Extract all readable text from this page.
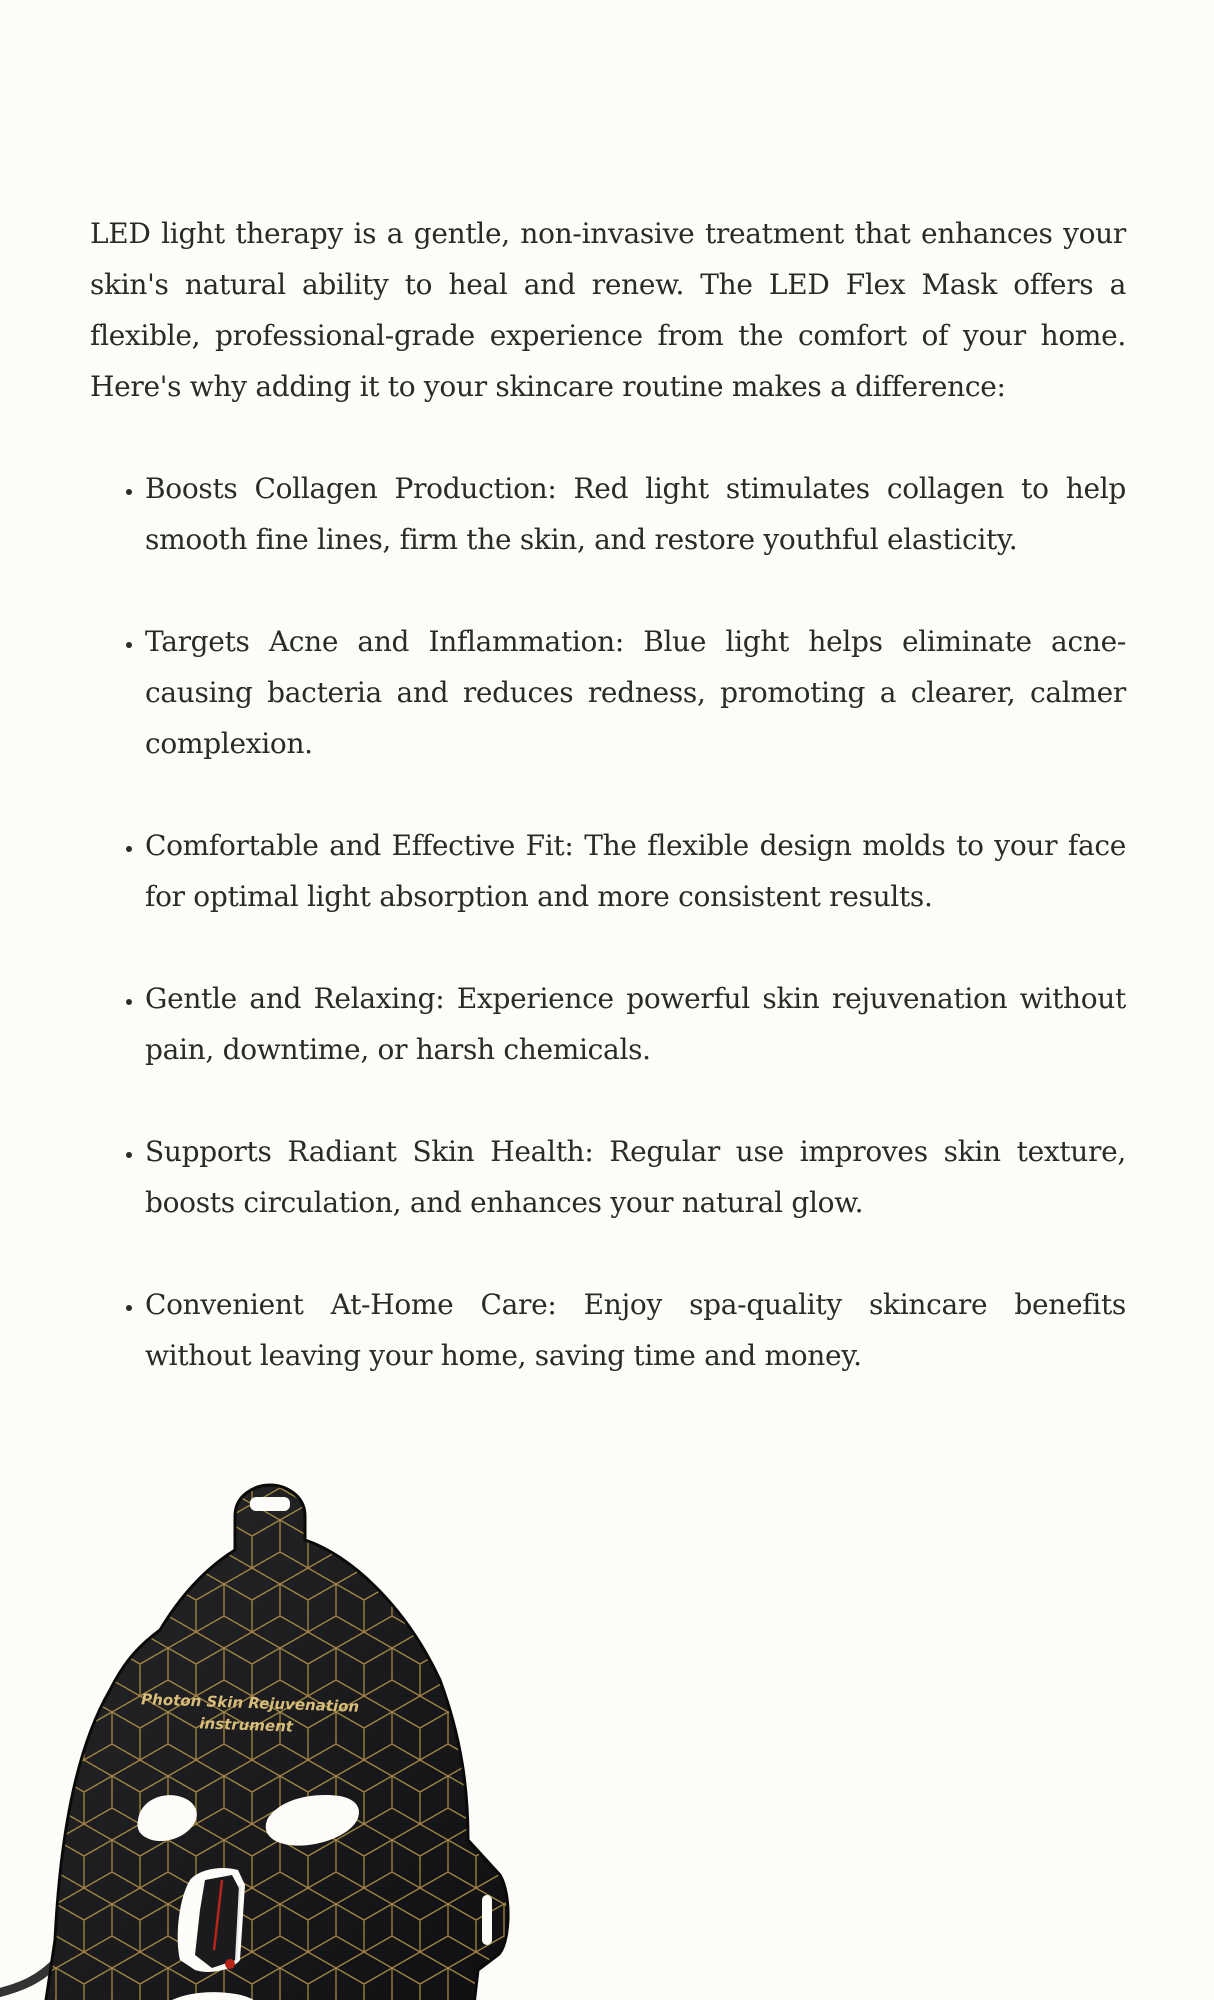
LED light therapy is a gentle, non-invasive treatment that enhances your skin's natural ability to heal and renew. The LED Flex Mask offers a flexible, professional-grade experience from the comfort of your home. Here's why adding it to your skincare routine makes a difference:

• Boosts Collagen Production: Red light stimulates collagen to help smooth fine lines, firm the skin, and restore youthful elasticity.
• Targets Acne and Inflammation: Blue light helps eliminate acne-causing bacteria and reduces redness, promoting a clearer, calmer complexion.
• Comfortable and Effective Fit: The flexible design molds to your face for optimal light absorption and more consistent results.
• Gentle and Relaxing: Experience powerful skin rejuvenation without pain, downtime, or harsh chemicals.
• Supports Radiant Skin Health: Regular use improves skin texture, boosts circulation, and enhances your natural glow.
• Convenient At-Home Care: Enjoy spa-quality skincare benefits without leaving your home, saving time and money.
Photon Skin Rejuvenation
instrument
